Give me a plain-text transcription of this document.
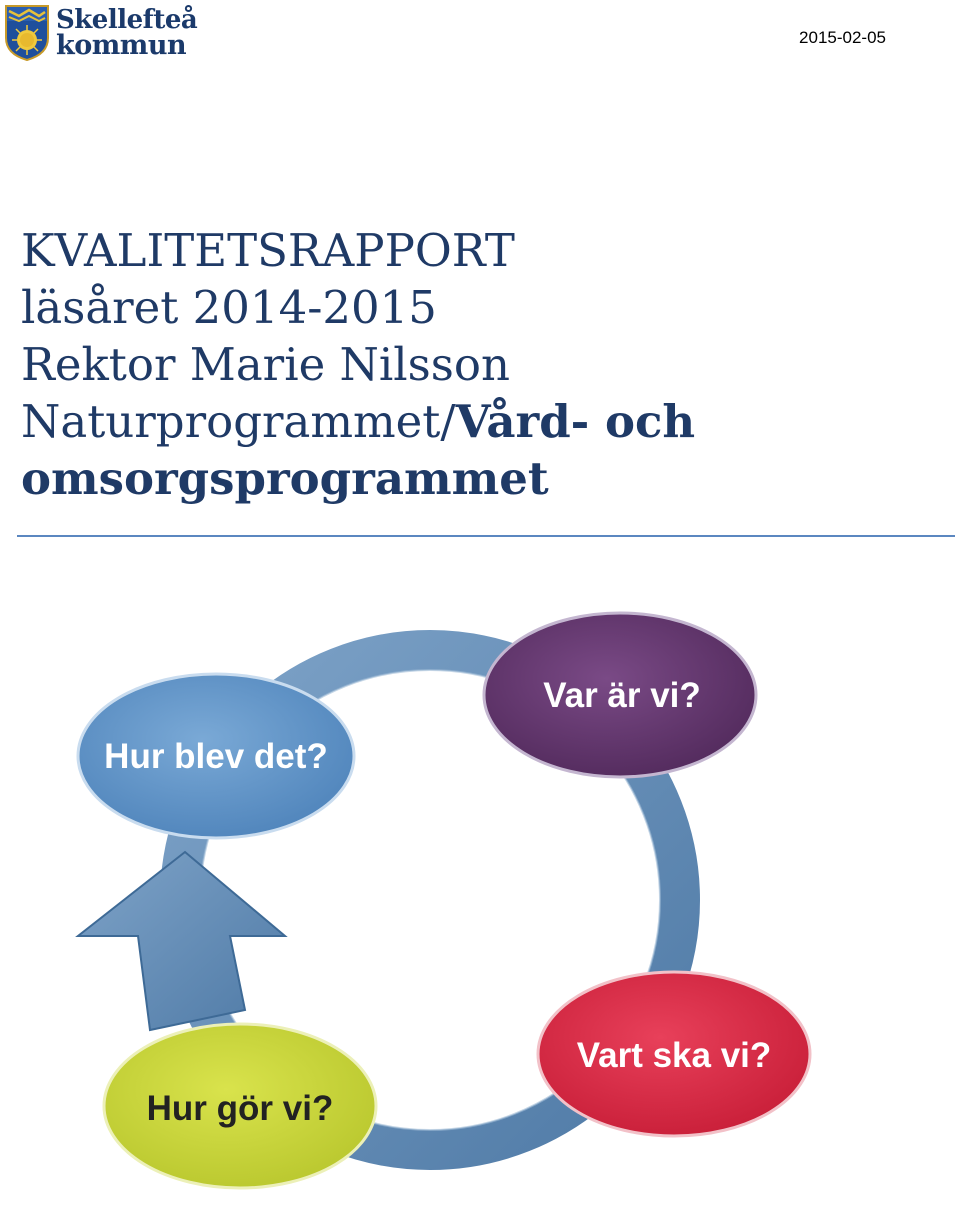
Skellefteå
kommun	2015-02-05
KVALITETSRAPPORT
läsåret 2014-2015
Rektor Marie Nilsson
Naturprogrammet/Vård- och
omsorgsprogrammet
Var är vi?
Vart ska vi?
Hur gör vi?
Hur blev det?
